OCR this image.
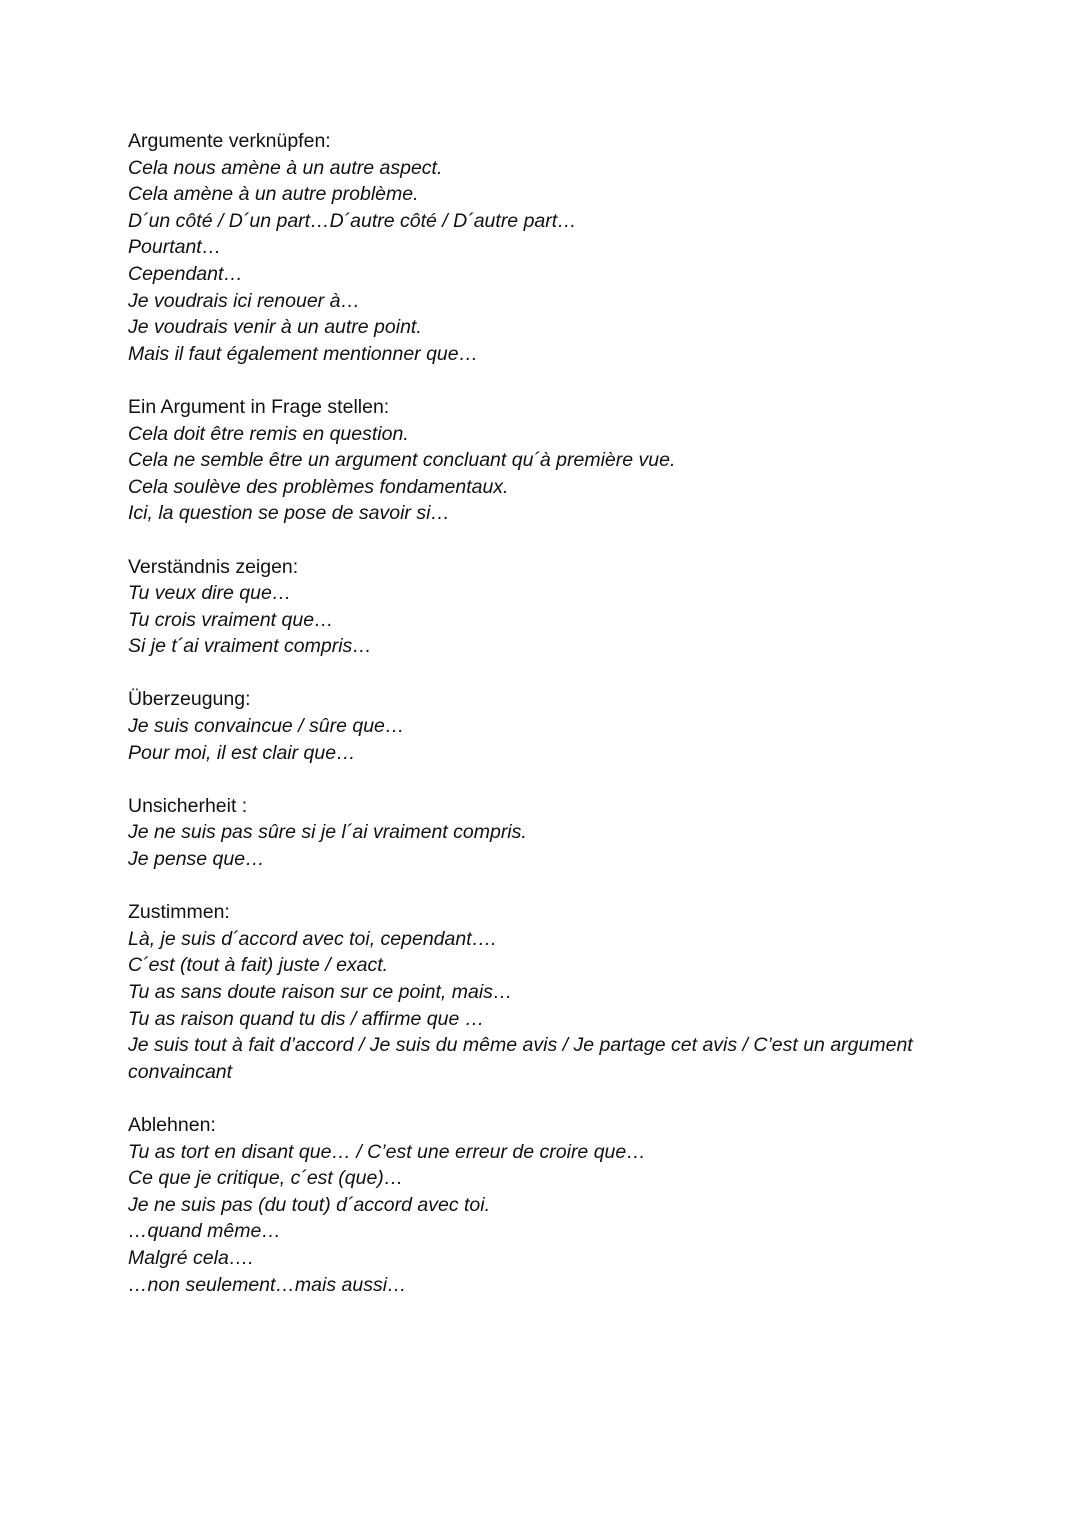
Argumente verknüpfen:
Cela nous amène à un autre aspect.
Cela amène à un autre problème.
D´un côté / D´un part…D´autre côté / D´autre part…
Pourtant…
Cependant…
Je voudrais ici renouer à…
Je voudrais venir à un autre point.
Mais il faut également mentionner que…
Ein Argument in Frage stellen:
Cela doit être remis en question.
Cela ne semble être un argument concluant qu´à première vue.
Cela soulève des problèmes fondamentaux.
Ici, la question se pose de savoir si…
Verständnis zeigen:
Tu veux dire que…
Tu crois vraiment que…
Si je t´ai vraiment compris…
Überzeugung:
Je suis convaincue / sûre que…
Pour moi, il est clair que…
Unsicherheit :
Je ne suis pas sûre si je l´ai vraiment compris.
Je pense que…
Zustimmen:
Là, je suis d´accord avec toi, cependant….
C´est (tout à fait) juste / exact.
Tu as sans doute raison sur ce point, mais…
Tu as raison quand tu dis / affirme que …
Je suis tout à fait d’accord / Je suis du même avis / Je partage cet avis / C’est un argument convaincant
Ablehnen:
Tu as tort en disant que… / C’est une erreur de croire que…
Ce que je critique, c´est (que)…
Je ne suis pas (du tout) d´accord avec toi.
…quand même…
Malgré cela….
…non seulement…mais aussi…
